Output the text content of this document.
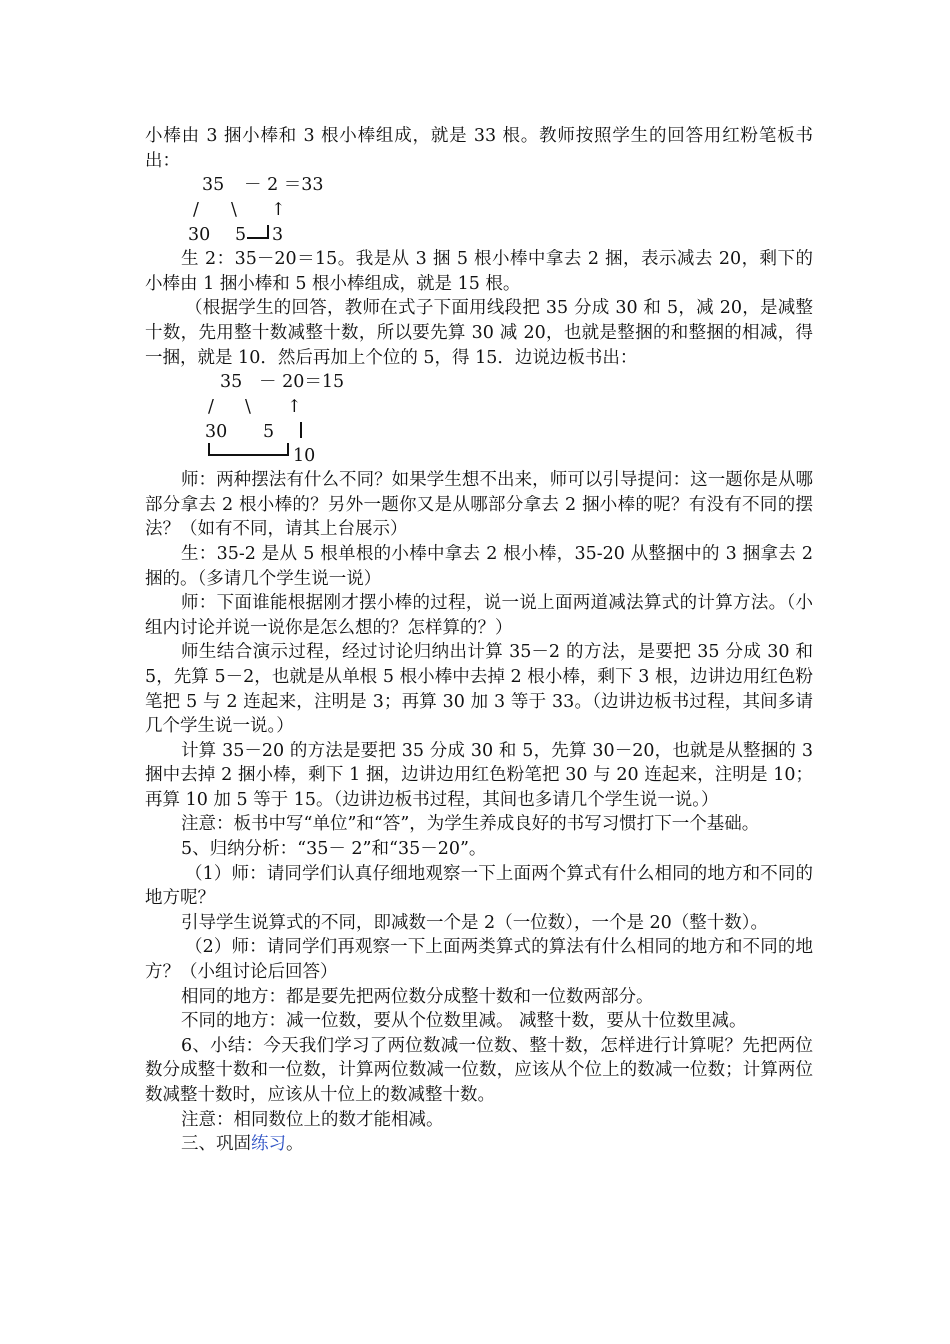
小棒由 3 捆小棒和 3 根小棒组成，就是 33 根。教师按照学生的回答用红粉笔板书出：

35 － 2 ＝33
/ \ ↑
30 5 3

生 2：35－20＝15。我是从 3 捆 5 根小棒中拿去 2 捆，表示减去 20，剩下的小棒由 1 捆小棒和 5 根小棒组成，就是 15 根。

（根据学生的回答，教师在式子下面用线段把 35 分成 30 和 5，减 20，是减整十数，先用整十数减整十数，所以要先算 30 减 20，也就是整捆的和整捆的相减，得一捆，就是 10．然后再加上个位的 5，得 15．边说边板书出：

35 － 20＝15
/ \ ↑
30 5
10

师：两种摆法有什么不同？如果学生想不出来，师可以引导提问：这一题你是从哪部分拿去 2 根小棒的？另外一题你又是从哪部分拿去 2 捆小棒的呢？有没有不同的摆法？（如有不同，请其上台展示）

生：35-2 是从 5 根单根的小棒中拿去 2 根小棒，35-20 从整捆中的 3 捆拿去 2 捆的。（多请几个学生说一说）

师：下面谁能根据刚才摆小棒的过程，说一说上面两道减法算式的计算方法。（小组内讨论并说一说你是怎么想的？怎样算的？）

师生结合演示过程，经过讨论归纳出计算 35－2 的方法，是要把 35 分成 30 和 5，先算 5－2，也就是从单根 5 根小棒中去掉 2 根小棒，剩下 3 根，边讲边用红色粉笔把 5 与 2 连起来，注明是 3；再算 30 加 3 等于 33。（边讲边板书过程，其间多请几个学生说一说。）

计算 35－20 的方法是要把 35 分成 30 和 5，先算 30－20，也就是从整捆的 3 捆中去掉 2 捆小棒，剩下 1 捆，边讲边用红色粉笔把 30 与 20 连起来，注明是 10；再算 10 加 5 等于 15。（边讲边板书过程，其间也多请几个学生说一说。）

注意：板书中写“单位”和“答”，为学生养成良好的书写习惯打下一个基础。

5、归纳分析：“35－ 2”和“35－20”。

（1）师：请同学们认真仔细地观察一下上面两个算式有什么相同的地方和不同的地方呢？

引导学生说算式的不同，即减数一个是 2（一位数），一个是 20（整十数）。

（2）师：请同学们再观察一下上面两类算式的算法有什么相同的地方和不同的地方？（小组讨论后回答）

相同的地方：都是要先把两位数分成整十数和一位数两部分。

不同的地方：减一位数，要从个位数里减。 减整十数，要从十位数里减。

6、小结：今天我们学习了两位数减一位数、整十数，怎样进行计算呢？先把两位数分成整十数和一位数，计算两位数减一位数，应该从个位上的数减一位数；计算两位数减整十数时，应该从十位上的数减整十数。

注意：相同数位上的数才能相减。

三、巩固练习。
